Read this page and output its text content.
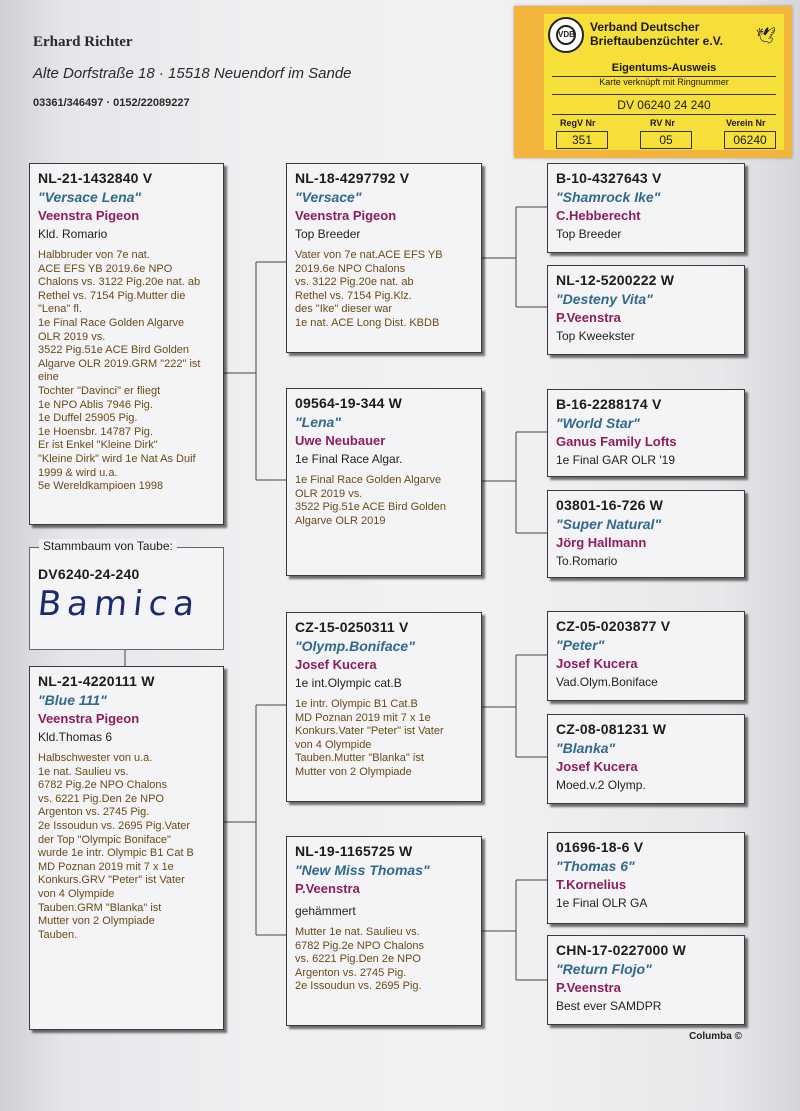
Erhard Richter
Alte Dorfstraße 18 · 15518 Neuendorf im Sande
03361/346497 · 0152/22089227
VDB
Verband Deutscher
Brieftaubenzüchter e.V. 🕊
Eigentums-Ausweis
Karte verknüpft mit Ringnummer
DV 06240 24 240
RegV Nr	RV Nr	Verein Nr
351	05	06240
NL-21-1432840 V
"Versace Lena"
Veenstra Pigeon
Kld. Romario
Halbbruder von 7e nat.
ACE EFS YB 2019.6e NPO
Chalons vs. 3122 Pig.20e nat. ab
Rethel vs. 7154 Pig.Mutter die
"Lena" fl.
1e Final Race Golden Algarve
OLR 2019 vs.
3522 Pig.51e ACE Bird Golden
Algarve OLR 2019.GRM "222" ist
eine
Tochter "Davinci" er fliegt
1e NPO Ablis 7946 Pig.
1e Duffel 25905 Pig.
1e Hoensbr. 14787 Pig.
Er ist Enkel "Kleine Dirk"
"Kleine Dirk" wird 1e Nat As Duif
1999 & wird u.a.
5e Wereldkampioen 1998
DV6240-24-240
Bamica
Stammbaum von Taube:
NL-21-4220111 W
"Blue 111"
Veenstra Pigeon
Kld.Thomas 6
Halbschwester von u.a.
1e nat. Saulieu vs.
6782 Pig.2e NPO Chalons
vs. 6221 Pig.Den 2e NPO
Argenton vs. 2745 Pig.
2e Issoudun vs. 2695 Pig.Vater
der Top "Olympic Boniface"
wurde 1e intr. Olympic B1 Cat B
MD Poznan 2019 mit 7 x 1e
Konkurs.GRV "Peter" ist Vater
von 4 Olympide
Tauben.GRM "Blanka" ist
Mutter von 2 Olympiade
Tauben.
NL-18-4297792 V
"Versace"
Veenstra Pigeon
Top Breeder
Vater von 7e nat.ACE EFS YB
2019.6e NPO Chalons
vs. 3122 Pig.20e nat. ab
Rethel vs. 7154 Pig.Klz.
des "Ike" dieser war
1e nat. ACE Long Dist. KBDB
09564-19-344 W
"Lena"
Uwe Neubauer
1e Final Race Algar.
1e Final Race Golden Algarve
OLR 2019 vs.
3522 Pig.51e ACE Bird Golden
Algarve OLR 2019
CZ-15-0250311 V
"Olymp.Boniface"
Josef Kucera
1e int.Olympic cat.B
1e intr. Olympic B1 Cat.B
MD Poznan 2019 mit 7 x 1e
Konkurs.Vater "Peter" ist Vater
von 4 Olympide
Tauben.Mutter "Blanka" ist
Mutter von 2 Olympiade
NL-19-1165725 W
"New Miss Thomas"
P.Veenstra
gehämmert
Mutter 1e nat. Saulieu vs.
6782 Pig.2e NPO Chalons
vs. 6221 Pig.Den 2e NPO
Argenton vs. 2745 Pig.
2e Issoudun vs. 2695 Pig.
B-10-4327643 V
"Shamrock Ike"
C.Hebberecht
Top Breeder
NL-12-5200222 W
"Desteny Vita"
P.Veenstra
Top Kweekster
B-16-2288174 V
"World Star"
Ganus Family Lofts
1e Final GAR OLR '19
03801-16-726 W
"Super Natural"
Jörg Hallmann
To.Romario
CZ-05-0203877 V
"Peter"
Josef Kucera
Vad.Olym.Boniface
CZ-08-081231 W
"Blanka"
Josef Kucera
Moed.v.2 Olymp.
01696-18-6 V
"Thomas 6"
T.Kornelius
1e Final OLR GA
CHN-17-0227000 W
"Return Flojo"
P.Veenstra
Best ever SAMDPR
Columba ©
